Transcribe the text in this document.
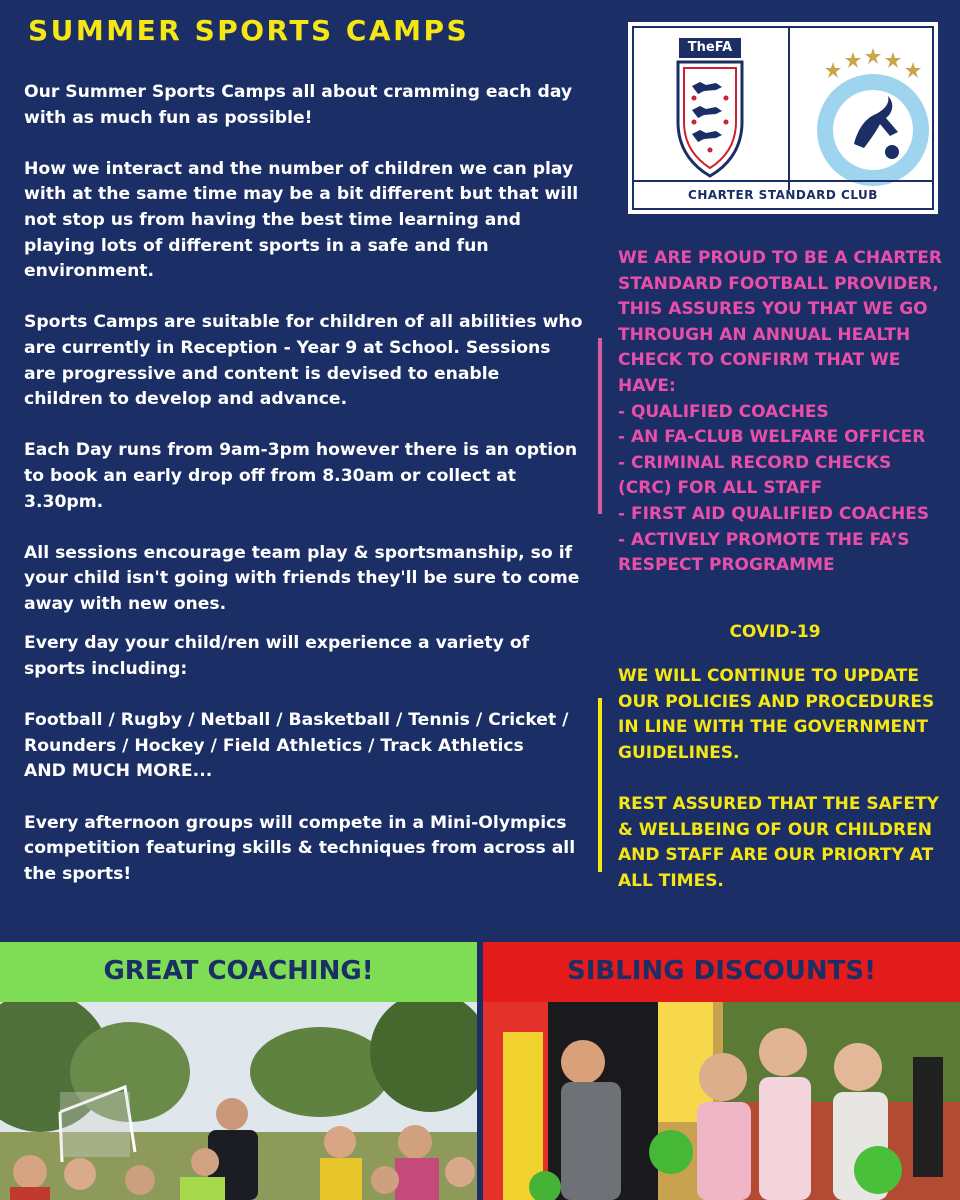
SUMMER SPORTS CAMPS

Our Summer Sports Camps all about cramming each day with as much fun as possible!

How we interact and the number of children we can play with at the same time may be a bit different but that will not stop us from having the best time learning and playing lots of different sports in a safe and fun environment.

Sports Camps are suitable for children of all abilities who are currently in Reception - Year 9 at School. Sessions are progressive and content is devised to enable children to develop and advance.

Each Day runs from 9am-3pm however there is an option to book an early drop off from 8.30am or collect at 3.30pm.

All sessions encourage team play & sportsmanship, so if your child isn't going with friends they'll be sure to come away with new ones.

Every day your child/ren will experience a variety of sports including:

Football / Rugby / Netball / Basketball / Tennis / Cricket / Rounders / Hockey / Field Athletics / Track Athletics
AND MUCH MORE...

Every afternoon groups will compete in a Mini-Olympics competition featuring skills & techniques from across all the sports!

TheFA
CHARTER STANDARD CLUB
WE ARE PROUD TO BE A CHARTER
STANDARD FOOTBALL PROVIDER,
THIS ASSURES YOU THAT WE GO
THROUGH AN ANNUAL HEALTH
CHECK TO CONFIRM THAT WE
HAVE:
- QUALIFIED COACHES
- AN FA-CLUB WELFARE OFFICER
- CRIMINAL RECORD CHECKS
(CRC) FOR ALL STAFF
- FIRST AID QUALIFIED COACHES
- ACTIVELY PROMOTE THE FA’S
RESPECT PROGRAMME
COVID-19
WE WILL CONTINUE TO UPDATE
OUR POLICIES AND PROCEDURES
IN LINE WITH THE GOVERNMENT
GUIDELINES.
REST ASSURED THAT THE SAFETY
& WELLBEING OF OUR CHILDREN
AND STAFF ARE OUR PRIORTY AT
ALL TIMES.
GREAT COACHING!	SIBLING DISCOUNTS!
